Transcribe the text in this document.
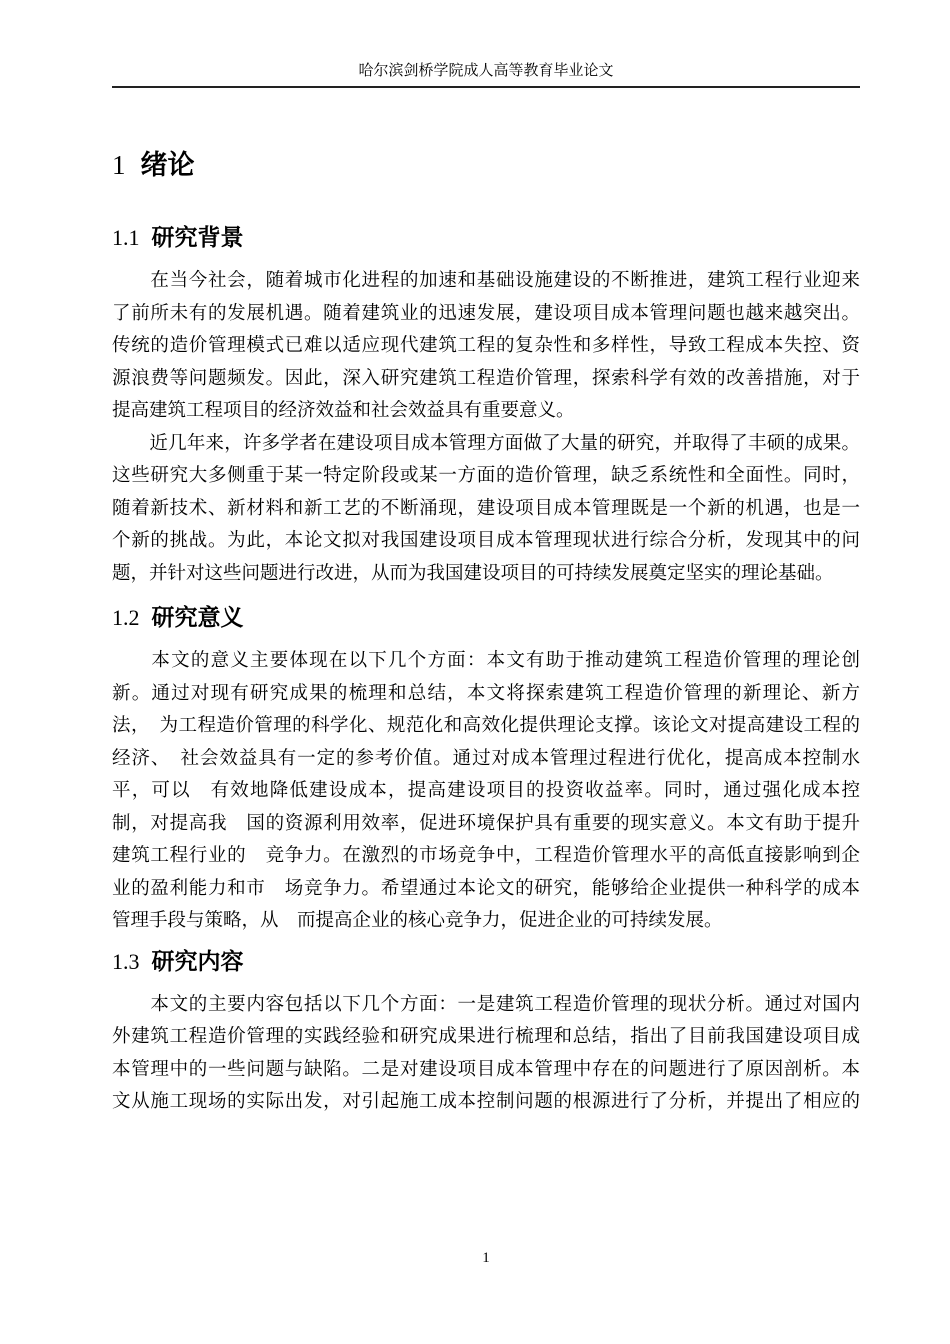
哈尔滨剑桥学院成人高等教育毕业论文
1 绪论
1.1 研究背景
　　在当今社会，随着城市化进程的加速和基础设施建设的不断推进，建筑工程行业迎来
了前所未有的发展机遇。随着建筑业的迅速发展，建设项目成本管理问题也越来越突出。
传统的造价管理模式已难以适应现代建筑工程的复杂性和多样性，导致工程成本失控、资
源浪费等问题频发。因此，深入研究建筑工程造价管理，探索科学有效的改善措施，对于
提高建筑工程项目的经济效益和社会效益具有重要意义。
　　近几年来，许多学者在建设项目成本管理方面做了大量的研究，并取得了丰硕的成果。
这些研究大多侧重于某一特定阶段或某一方面的造价管理，缺乏系统性和全面性。同时，
随着新技术、新材料和新工艺的不断涌现，建设项目成本管理既是一个新的机遇，也是一
个新的挑战。为此，本论文拟对我国建设项目成本管理现状进行综合分析，发现其中的问
题，并针对这些问题进行改进，从而为我国建设项目的可持续发展奠定坚实的理论基础。
1.2 研究意义
　　本文的意义主要体现在以下几个方面：本文有助于推动建筑工程造价管理的理论创
新。通过对现有研究成果的梳理和总结，本文将探索建筑工程造价管理的新理论、新方
法，　为工程造价管理的科学化、规范化和高效化提供理论支撑。该论文对提高建设工程的
经济、　社会效益具有一定的参考价值。通过对成本管理过程进行优化，提高成本控制水
平，可以　有效地降低建设成本，提高建设项目的投资收益率。同时，通过强化成本控
制，对提高我　国的资源利用效率，促进环境保护具有重要的现实意义。本文有助于提升
建筑工程行业的　竞争力。在激烈的市场竞争中，工程造价管理水平的高低直接影响到企
业的盈利能力和市　场竞争力。希望通过本论文的研究，能够给企业提供一种科学的成本
管理手段与策略，从　而提高企业的核心竞争力，促进企业的可持续发展。
1.3 研究内容
　　本文的主要内容包括以下几个方面：一是建筑工程造价管理的现状分析。通过对国内
外建筑工程造价管理的实践经验和研究成果进行梳理和总结，指出了目前我国建设项目成
本管理中的一些问题与缺陷。二是对建设项目成本管理中存在的问题进行了原因剖析。本
文从施工现场的实际出发，对引起施工成本控制问题的根源进行了分析，并提出了相应的
1
